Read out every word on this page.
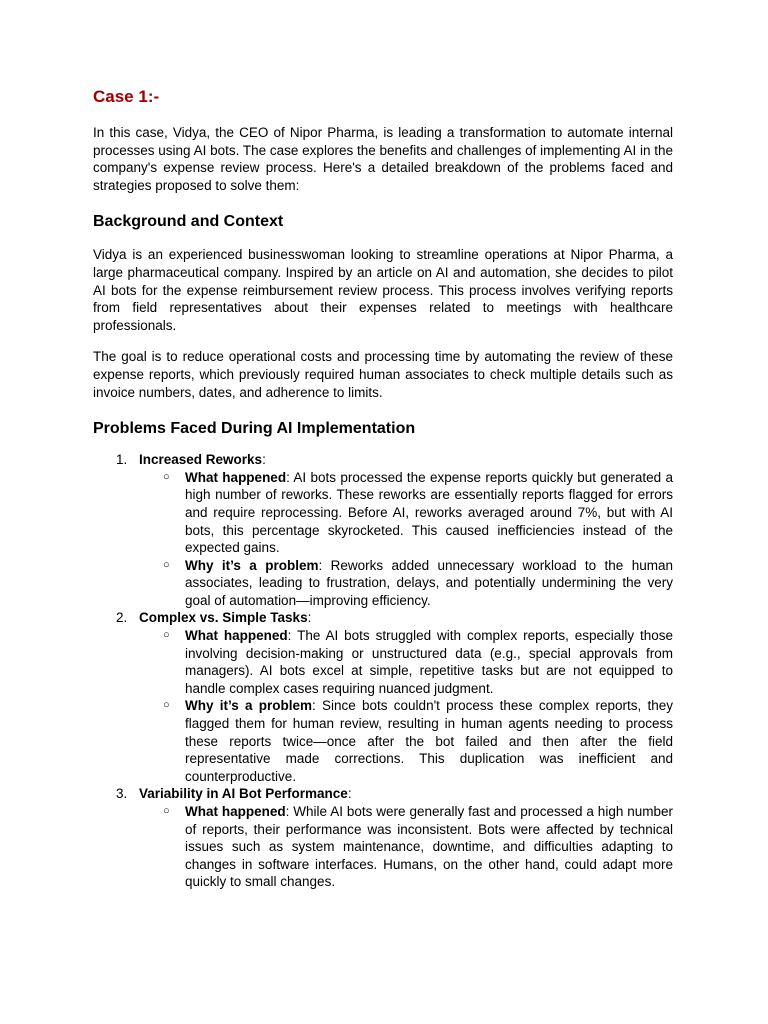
Case 1:-

In this case, Vidya, the CEO of Nipor Pharma, is leading a transformation to automate internal processes using AI bots. The case explores the benefits and challenges of implementing AI in the company's expense review process. Here's a detailed breakdown of the problems faced and strategies proposed to solve them:

Background and Context

Vidya is an experienced businesswoman looking to streamline operations at Nipor Pharma, a large pharmaceutical company. Inspired by an article on AI and automation, she decides to pilot AI bots for the expense reimbursement review process. This process involves verifying reports from field representatives about their expenses related to meetings with healthcare professionals.

The goal is to reduce operational costs and processing time by automating the review of these expense reports, which previously required human associates to check multiple details such as invoice numbers, dates, and adherence to limits.

Problems Faced During AI Implementation
1. Increased Reworks:
○ What happened: AI bots processed the expense reports quickly but generated a high number of reworks. These reworks are essentially reports flagged for errors and require reprocessing. Before AI, reworks averaged around 7%, but with AI bots, this percentage skyrocketed. This caused inefficiencies instead of the expected gains.
○ Why it’s a problem: Reworks added unnecessary workload to the human associates, leading to frustration, delays, and potentially undermining the very goal of automation—improving efficiency.
2. Complex vs. Simple Tasks:
○ What happened: The AI bots struggled with complex reports, especially those involving decision-making or unstructured data (e.g., special approvals from managers). AI bots excel at simple, repetitive tasks but are not equipped to handle complex cases requiring nuanced judgment.
○ Why it’s a problem: Since bots couldn't process these complex reports, they flagged them for human review, resulting in human agents needing to process these reports twice—once after the bot failed and then after the field representative made corrections. This duplication was inefficient and counterproductive.
3. Variability in AI Bot Performance:
○ What happened: While AI bots were generally fast and processed a high number of reports, their performance was inconsistent. Bots were affected by technical issues such as system maintenance, downtime, and difficulties adapting to changes in software interfaces. Humans, on the other hand, could adapt more quickly to small changes.
